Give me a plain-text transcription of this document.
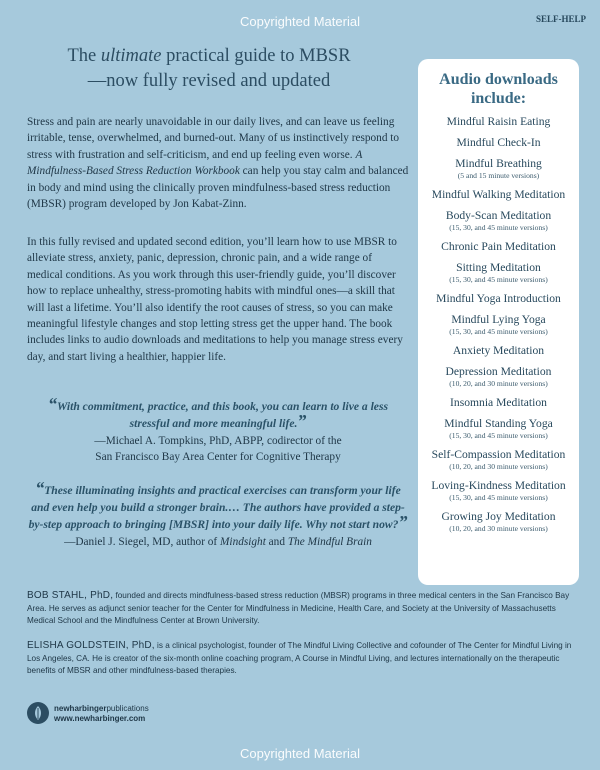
Copyrighted Material	SELF-HELP
The ultimate practical guide to MBSR
—now fully revised and updated

Stress and pain are nearly unavoidable in our daily lives, and can leave us feeling irritable, tense, overwhelmed, and burned-out. Many of us instinctively respond to stress with frustration and self-criticism, and end up feeling even worse. A Mindfulness-Based Stress Reduction Workbook can help you stay calm and balanced in body and mind using the clinically proven mindfulness-based stress reduction (MBSR) program developed by Jon Kabat-Zinn.

In this fully revised and updated second edition, you’ll learn how to use MBSR to alleviate stress, anxiety, panic, depression, chronic pain, and a wide range of medical conditions. As you work through this user-friendly guide, you’ll discover how to replace unhealthy, stress-promoting habits with mindful ones—a skill that will last a lifetime. You’ll also identify the root causes of stress, so you can make meaningful lifestyle changes and stop letting stress get the upper hand. The book includes links to audio downloads and meditations to help you manage stress every day, and start living a healthier, happier life.

“With commitment, practice, and this book, you can learn to live a less stressful and more meaningful life.”
—Michael A. Tompkins, PhD, ABPP, codirector of the
San Francisco Bay Area Center for Cognitive Therapy
“These illuminating insights and practical exercises can transform your life and even help you build a stronger brain.… The authors have provided a step-by-step approach to bringing [MBSR] into your daily life. Why not start now?”
—Daniel J. Siegel, MD, author of Mindsight and The Mindful Brain
Audio downloads include:
Mindful Raisin Eating
Mindful Check-In
Mindful Breathing
(5 and 15 minute versions)
Mindful Walking Meditation
Body-Scan Meditation
(15, 30, and 45 minute versions)
Chronic Pain Meditation
Sitting Meditation
(15, 30, and 45 minute versions)
Mindful Yoga Introduction
Mindful Lying Yoga
(15, 30, and 45 minute versions)
Anxiety Meditation
Depression Meditation
(10, 20, and 30 minute versions)
Insomnia Meditation
Mindful Standing Yoga
(15, 30, and 45 minute versions)
Self-Compassion Meditation
(10, 20, and 30 minute versions)
Loving-Kindness Meditation
(15, 30, and 45 minute versions)
Growing Joy Meditation
(10, 20, and 30 minute versions)
BOB STAHL, PhD, founded and directs mindfulness-based stress reduction (MBSR) programs in three medical centers in the San Francisco Bay Area. He serves as adjunct senior teacher for the Center for Mindfulness in Medicine, Health Care, and Society at the University of Massachusetts Medical School and the Mindfulness Center at Brown University.
ELISHA GOLDSTEIN, PhD, is a clinical psychologist, founder of The Mindful Living Collective and cofounder of The Center for Mindful Living in Los Angeles, CA. He is creator of the six-month online coaching program, A Course in Mindful Living, and lectures internationally on the therapeutic benefits of MBSR and other mindfulness-based therapies.
newharbingerpublications
www.newharbinger.com
Copyrighted Material
